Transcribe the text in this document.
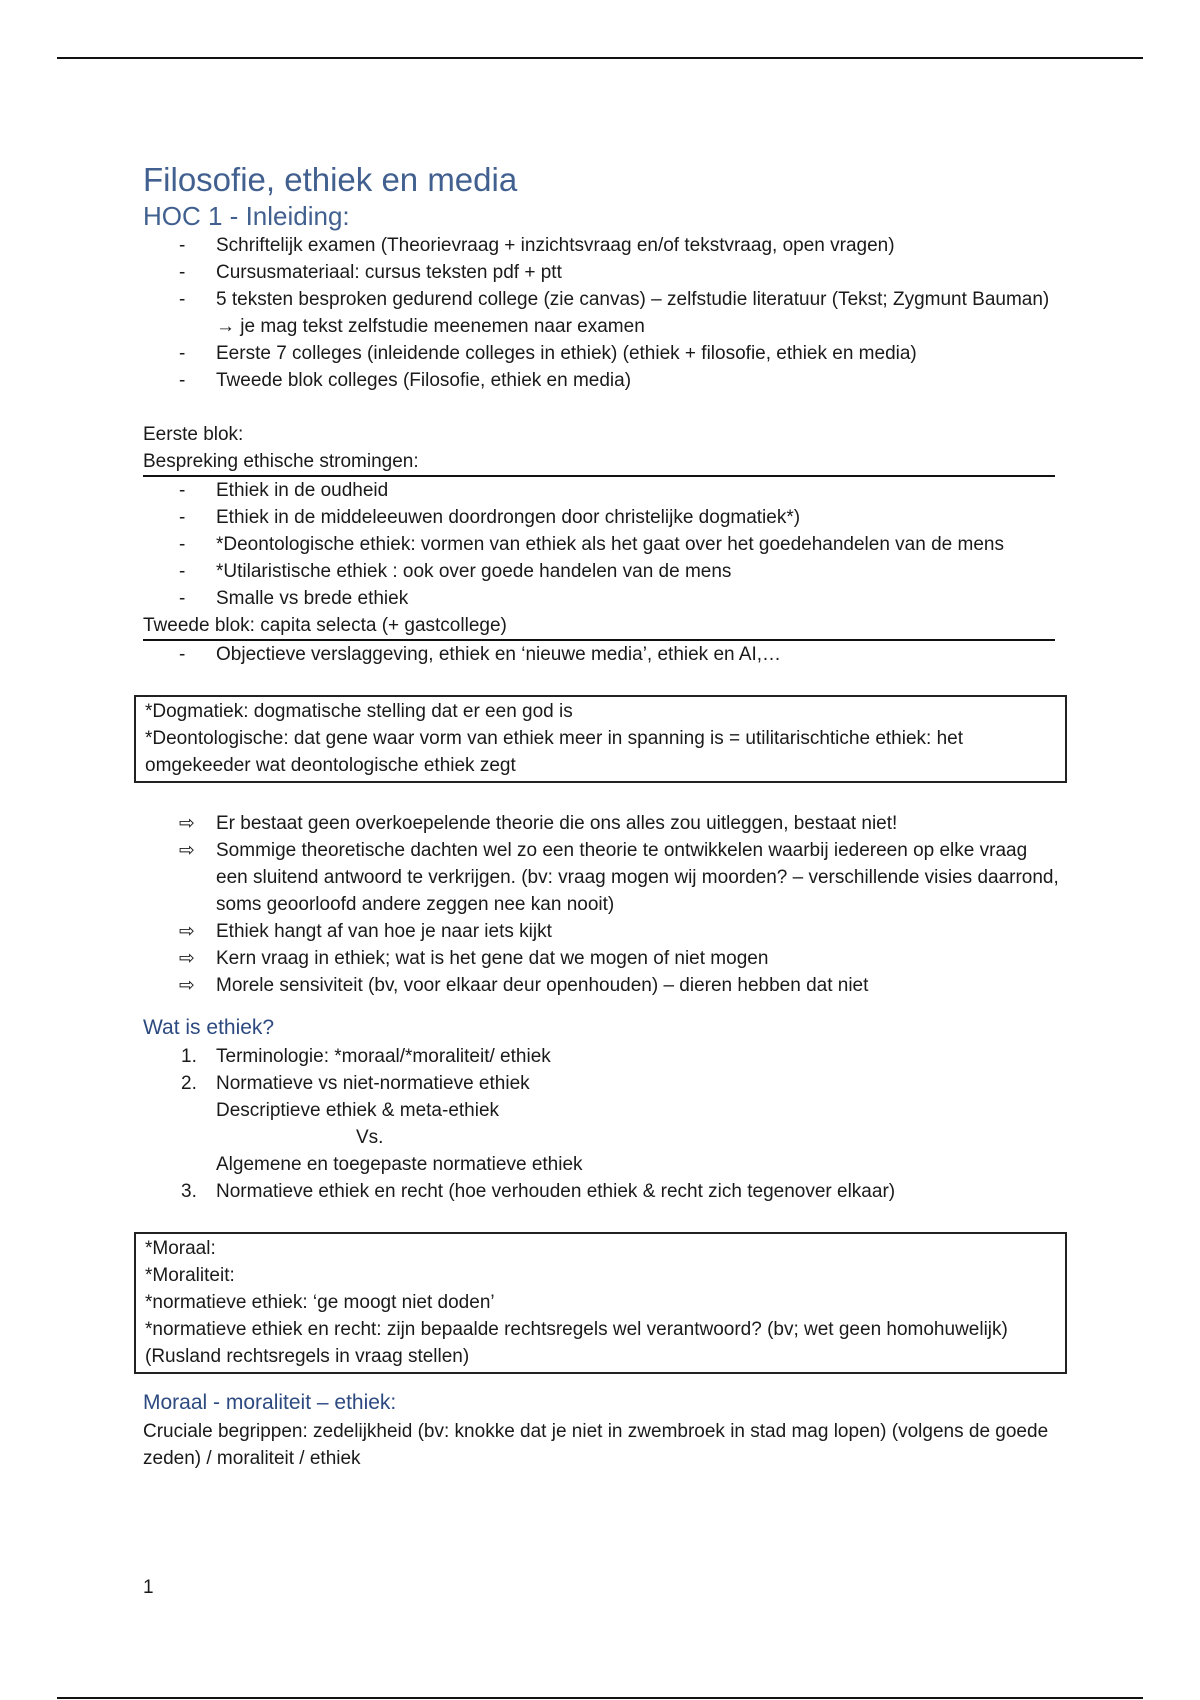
Filosofie, ethiek en media
HOC 1 - Inleiding:
- Schriftelijk examen (Theorievraag + inzichtsvraag en/of tekstvraag, open vragen)
- Cursusmateriaal: cursus teksten pdf + ptt
- 5 teksten besproken gedurend college (zie canvas) – zelfstudie literatuur (Tekst; Zygmunt Bauman) → je mag tekst zelfstudie meenemen naar examen
- Eerste 7 colleges (inleidende colleges in ethiek) (ethiek + filosofie, ethiek en media)
- Tweede blok colleges (Filosofie, ethiek en media)

Eerste blok:

Bespreking ethische stromingen:

- Ethiek in de oudheid
- Ethiek in de middeleeuwen doordrongen door christelijke dogmatiek*)
- *Deontologische ethiek: vormen van ethiek als het gaat over het goedehandelen van de mens
- *Utilaristische ethiek : ook over goede handelen van de mens
- Smalle vs brede ethiek

Tweede blok: capita selecta (+ gastcollege)

- Objectieve verslaggeving, ethiek en ‘nieuwe media’, ethiek en AI,…

*Dogmatiek: dogmatische stelling dat er een god is

*Deontologische: dat gene waar vorm van ethiek meer in spanning is = utilitarischtiche ethiek: het omgekeeder wat deontologische ethiek zegt

⇨ Er bestaat geen overkoepelende theorie die ons alles zou uitleggen, bestaat niet!
⇨ Sommige theoretische dachten wel zo een theorie te ontwikkelen waarbij iedereen op elke vraag een sluitend antwoord te verkrijgen. (bv: vraag mogen wij moorden? – verschillende visies daarrond, soms geoorloofd andere zeggen nee kan nooit)
⇨ Ethiek hangt af van hoe je naar iets kijkt
⇨ Kern vraag in ethiek; wat is het gene dat we mogen of niet mogen
⇨ Morele sensiviteit (bv, voor elkaar deur openhouden) – dieren hebben dat niet
Wat is ethiek?
1. Terminologie: *moraal/*moraliteit/ ethiek
2. Normatieve vs niet-normatieve ethiek
Descriptieve ethiek & meta-ethiek
Vs.
Algemene en toegepaste normatieve ethiek
3. Normatieve ethiek en recht (hoe verhouden ethiek & recht zich tegenover elkaar)

*Moraal:

*Moraliteit:

*normatieve ethiek: ‘ge moogt niet doden’

*normatieve ethiek en recht: zijn bepaalde rechtsregels wel verantwoord? (bv; wet geen homohuwelijk) (Rusland rechtsregels in vraag stellen)

Moraal - moraliteit – ethiek:

Cruciale begrippen: zedelijkheid (bv: knokke dat je niet in zwembroek in stad mag lopen) (volgens de goede zeden) / moraliteit / ethiek

1
